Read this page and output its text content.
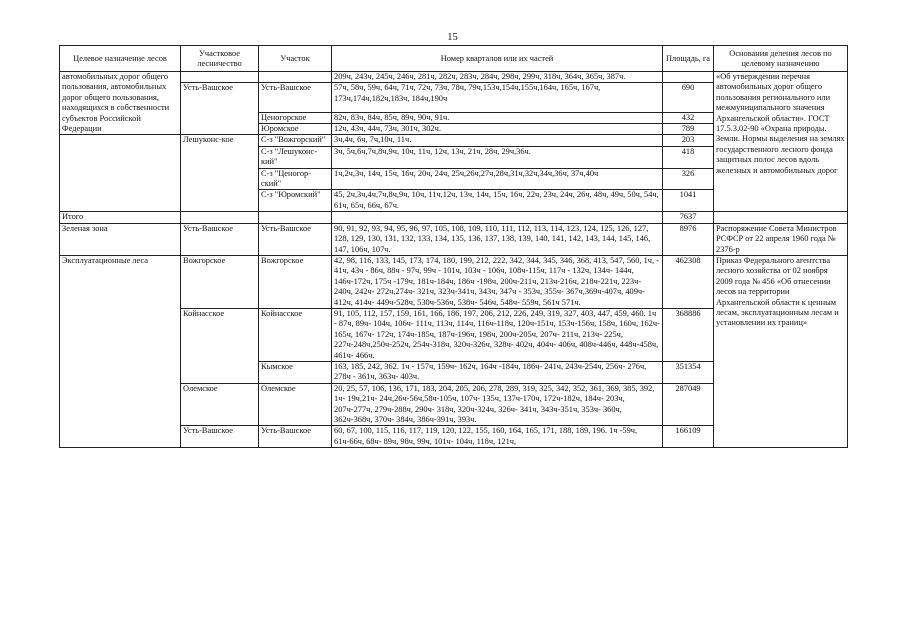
15
Целевое назначение лесов	Участковое лесничество	Участок	Номер кварталов или их частей	Площадь, га	Основания деления лесов по целевому назначению
автомобильных дорог общего пользования, автомобильных дорог общего пользования, находящихся в собственности субъектов Российской Федерации			209ч, 243ч, 245ч, 246ч, 281ч, 282ч, 283ч, 284ч, 298ч, 299ч, 318ч, 364ч, 365ч, 387ч.		«Об утверждении перечня автомобильных дорог общего пользования регионального или межмуниципального значения Архангельской области». ГОСТ 17.5.3.02-90 «Охрана природы. Земли. Нормы выделения на землях государственного лесного фонда защитных полос лесов вдоль железных и автомобильных дорог
	Усть-Вашское	Усть-Вашское	57ч, 58ч, 59ч, 64ч, 71ч, 72ч, 73ч, 78ч, 79ч,153ч,154ч,155ч,164ч, 165ч, 167ч, 173ч,174ч,182ч,183ч, 184ч,190ч	690	
		Ценогорское	82ч, 83ч, 84ч, 85ч, 89ч, 90ч, 91ч.	432	
		Юромское	12ч, 43ч, 44ч, 73ч, 301ч, 302ч.	789	
	Лешуконс-кое	С-з "Вожгорский"	3ч,4ч, 6ч, 7ч,10ч, 11ч.	203	
		С-з "Лешуконс-кий"	3ч, 5ч,6ч,7ч,8ч,9ч, 10ч, 11ч, 12ч, 13ч, 21ч, 28ч, 29ч,36ч.	418	
		С-з "Ценогор-ский"	1ч,2ч,3ч, 14ч, 15ч, 16ч, 20ч, 24ч, 25ч,26ч,27ч,28ч,31ч,32ч,34ч,36ч, 37ч,40ч	326	
		С-з "Юромский"	45, 2ч,3ч,4ч,7ч,8ч,9ч, 10ч, 11ч,12ч, 13ч, 14ч, 15ч, 16ч, 22ч, 23ч, 24ч, 26ч, 48ч, 49ч, 50ч, 54ч, 61ч, 65ч, 66ч, 67ч.	1041	
Итого				7637	
Зеленая зона	Усть-Вашское	Усть-Вашское	90, 91, 92, 93, 94, 95, 96, 97, 105, 108, 109, 110, 111, 112, 113, 114, 123, 124, 125, 126, 127, 128, 129, 130, 131, 132, 133, 134, 135, 136, 137, 138, 139, 140, 141, 142, 143, 144, 145, 146, 147, 106ч, 107ч.	8976	Распоряжение Совета Министров РСФСР от 22 апреля 1960 года № 2376-р
Эксплуатационные леса	Вожгорское	Вожгорское	42, 98, 116, 133, 145, 173, 174, 180, 199, 212, 222, 342, 344, 345, 346, 368, 413, 547, 560, 1ч, - 41ч, 43ч - 86ч, 88ч - 97ч, 99ч - 101ч, 103ч - 106ч, 108ч-115ч, 117ч - 132ч, 134ч- 144ч, 146ч-172ч, 175ч -179ч, 181ч-184ч, 186ч -198ч, 200ч-211ч, 213ч-216ч, 218ч-221ч, 223ч- 240ч, 242ч- 272ч,274ч- 321ч, 323ч-341ч, 343ч, 347ч - 353ч, 355ч- 367ч,369ч-407ч, 409ч- 412ч, 414ч- 449ч-528ч, 530ч-536ч, 538ч- 546ч, 548ч- 559ч, 561ч 571ч.	462308	Приказ Федерального агентства лесного хозяйства от 02 ноября 2009 года № 456 «Об отнесении лесов на территории Архангельской области к ценным лесам, эксплуатационным лесам и установлении их границ»
	Койнасское	Койнасское	91, 105, 112, 157, 159, 161, 166, 186, 197, 206, 212, 226, 249, 319, 327, 403, 447, 459, 460. 1ч - 87ч, 89ч- 104ч, 106ч- 111ч, 113ч, 114ч, 116ч-118ч, 120ч-151ч, 153ч-156ч, 158ч, 160ч, 162ч- 165ч, 167ч- 172ч, 174ч-185ч, 187ч-196ч, 198ч, 200ч-205ч, 207ч- 211ч, 213ч- 225ч, 227ч-248ч,250ч-252ч, 254ч-318ч, 320ч-326ч, 328ч- 402ч, 404ч- 406ч, 408ч-446ч, 448ч-458ч, 461ч- 466ч.	368886	
		Кымское	163, 185, 242, 362. 1ч - 157ч, 159ч- 162ч, 164ч -184ч, 186ч- 241ч, 243ч-254ч, 256ч- 276ч, 278ч - 361ч, 363ч- 403ч.	351354	
	Олемское	Олемское	20, 25, 57, 106, 136, 171, 183, 204, 205, 206, 278, 289, 319, 325, 342, 352, 361, 369, 385, 392, 1ч- 19ч,21ч- 24ч,26ч-56ч,58ч-105ч, 107ч- 135ч, 137ч-170ч, 172ч-182ч, 184ч- 203ч, 207ч-277ч, 279ч-288ч, 290ч- 318ч, 320ч-324ч, 326ч- 341ч, 343ч-351ч, 353ч- 360ч, 362ч-368ч, 370ч- 384ч, 386ч-391ч, 393ч.	287049	
	Усть-Вашское	Усть-Вашское	60, 67, 100, 115, 116, 117, 119, 120, 122, 155, 160, 164, 165, 171, 188, 189, 196. 1ч -59ч, 61ч-66ч, 68ч- 89ч, 98ч, 99ч, 101ч- 104ч, 118ч, 121ч,	166109	
